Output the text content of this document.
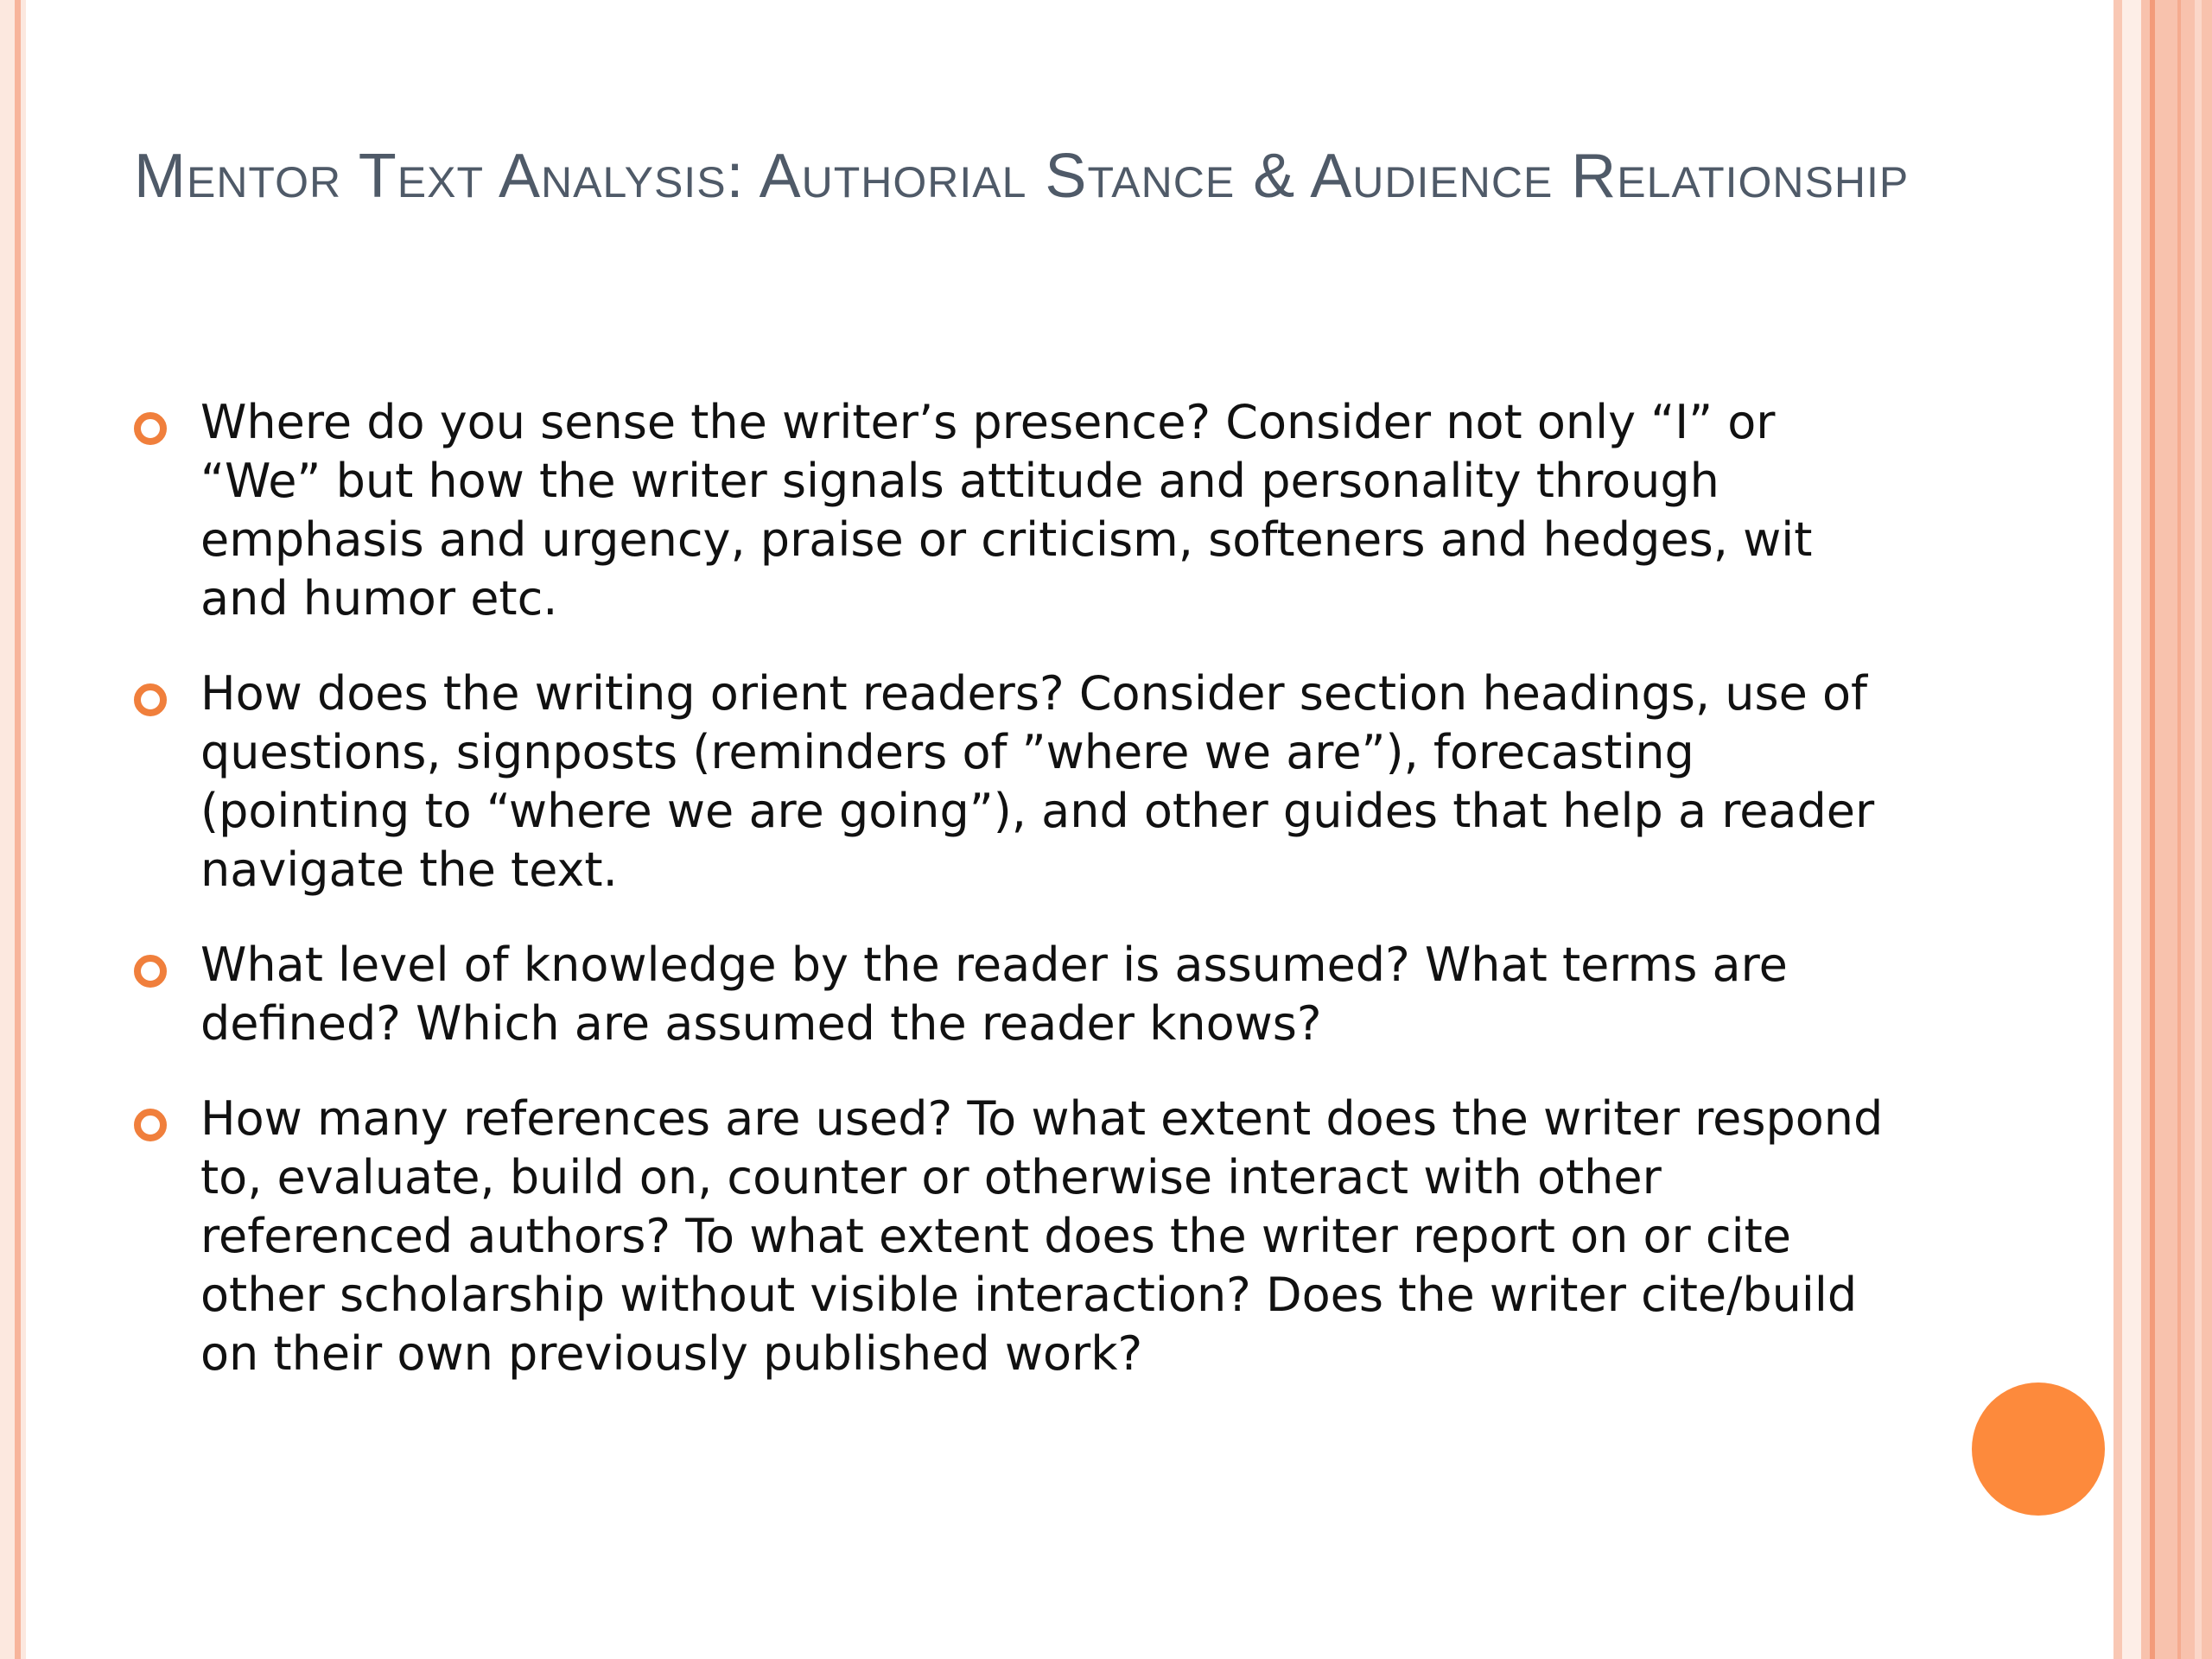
Mentor Text Analysis: Authorial Stance & Audience Relationship
Where do you sense the writer’s presence? Consider not only “I” or “We” but how the writer signals attitude and personality through emphasis and urgency, praise or criticism, softeners and hedges, wit and humor etc.
How does the writing orient readers? Consider section headings, use of questions, signposts (reminders of ”where we are”), forecasting (pointing to “where we are going”), and other guides that help a reader navigate the text.
What level of knowledge by the reader is assumed? What terms are defined? Which are assumed the reader knows?
How many references are used? To what extent does the writer respond to, evaluate, build on, counter or otherwise interact with other referenced authors? To what extent does the writer report on or cite other scholarship without visible interaction? Does the writer cite/build on their own previously published work?
